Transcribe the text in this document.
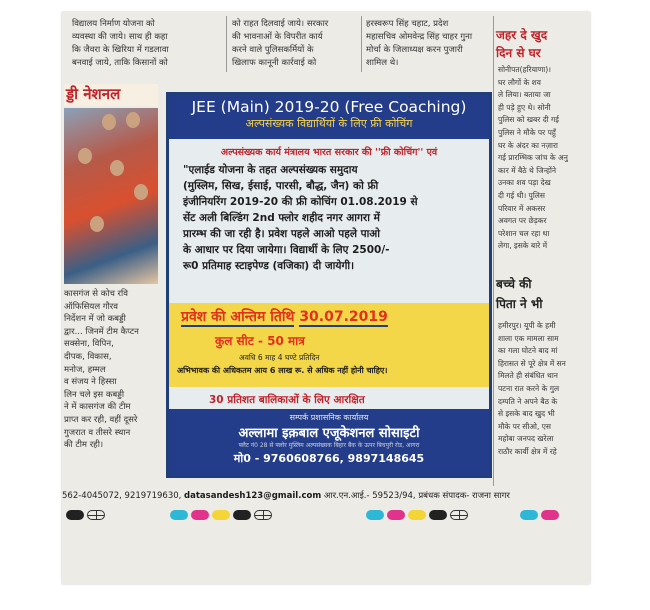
विद्यालय निर्माण योजना को
व्यवस्था की जाये। साथ ही कहा
कि जैवरा के खिरिया में गडलावा
बनवाई जाये, ताकि किसानों को
को राहत दिलवाई जाये। सरकार
की भावनाओं के विपरीत कार्य
करने वाले पुलिसकर्मियों के
खिलाफ कानूनी कार्रवाई को
हरस्वरूप सिंह चहाट, प्रदेश
महासचिव ओमवेन्द्र सिंह चाहर गुना
मोर्चा के जिलाध्यक्ष करन पुजारी
शामिल थे।
ड्डी नेशनल
कासगंज से कोच रवि
ऑफिसियल गौरव
निर्देशन में जो कबड्डी
द्वार... जिनमें टीम कैप्टन
सक्सेना, विपिन,
दीपक, विकास,
मनोज, हम्मल
व संजय ने हिस्सा
लिन चले इस कबड्डी
ने में कासगंज की टीम
प्राप्त कर रही, वहीं दूसरे
गुजरात व तीसरे स्थान
की टीम रही।
JEE (Main) 2019-20 (Free Coaching)
अल्पसंख्यक विद्यार्थियों के लिए फ्री कोचिंग
अल्पसंख्यक कार्य मंत्रालय भारत सरकार की ''फ्री कोचिंग'' एवं
"एलाईड योजना के तहत अल्पसंख्यक समुदाय
(मुस्लिम, सिख, ईसाई, पारसी, बौद्ध, जैन) को फ्री
इंजीनियरिंग 2019-20 की फ्री कोचिंग 01.08.2019 से
सेंट अली बिल्डिंग 2nd फ्लोर शहीद नगर आगरा में
प्रारम्भ की जा रही है। प्रवेश पहले आओ पहले पाओ
के आधार पर दिया जायेगा। विद्यार्थी के लिए 2500/-
रू0 प्रतिमाह स्टाइपेण्ड (वजिका) दी जायेगी।
प्रवेश की अन्तिम तिथि 30.07.2019
कुल सीट - 50 मात्र
अवधि 6 माह 4 घण्टे प्रतिदिन
अभिभावक की अधिकतम आय 6 लाख रू. से अधिक नहीं होनी चाहिए।
30 प्रतिशत बालिकाओं के लिए आरक्षित
सम्पर्क प्रशासनिक कार्यालय
अल्लामा इक़बाल एजूकेशनल सोसाइटी
फ्लैट नं0 28 से फ्लोर मुस्लिम अल्पसंख्यक बिहार बैंक के ऊपर बिचपुरी रोड, आगरा
मो0 - 9760608766, 9897148645
जहर दे खुद
दिन से घर
सोनीपत(हरियाणा)।
घर लौगों के शव
ले लिया। बताया जा
ही पड़े हुए थे। सोनी
पुलिस को खबर दी गई
पुलिस ने मौके पर पहुँ
घर के अंदर का नज़ारा
गई प्रारम्भिक जांच के अनु
कार में बैठे थे जिन्होंने
उनका शव पड़ा देख
दी गई थी। पुलिस
परिवार में अकसर
अवगत पर छेड़कर
परेशान चल रहा था
लेगा, इसके बारे में
बच्चे की
पिता ने भी
हमीरपुर। यूपी के हमी
शाला एक मामला साम
का गला घोटने बाद मां
हिरासत से पूरे क्षेत्र में सन
मिलते ही संबंधित थान
पटना रात करने के गुल
दम्पति ने अपने बैठ के
से इसके बाद खुद भी
मौके पर सीओ, एस
महोबा जनपद खरेला
राठौर कार्वी क्षेत्र में रहे
562-4045072, 9219719630, datasandesh123@gmail.com आर.एन.आई.- 59523/94, प्रबंधक संपादक- राजना सागर
